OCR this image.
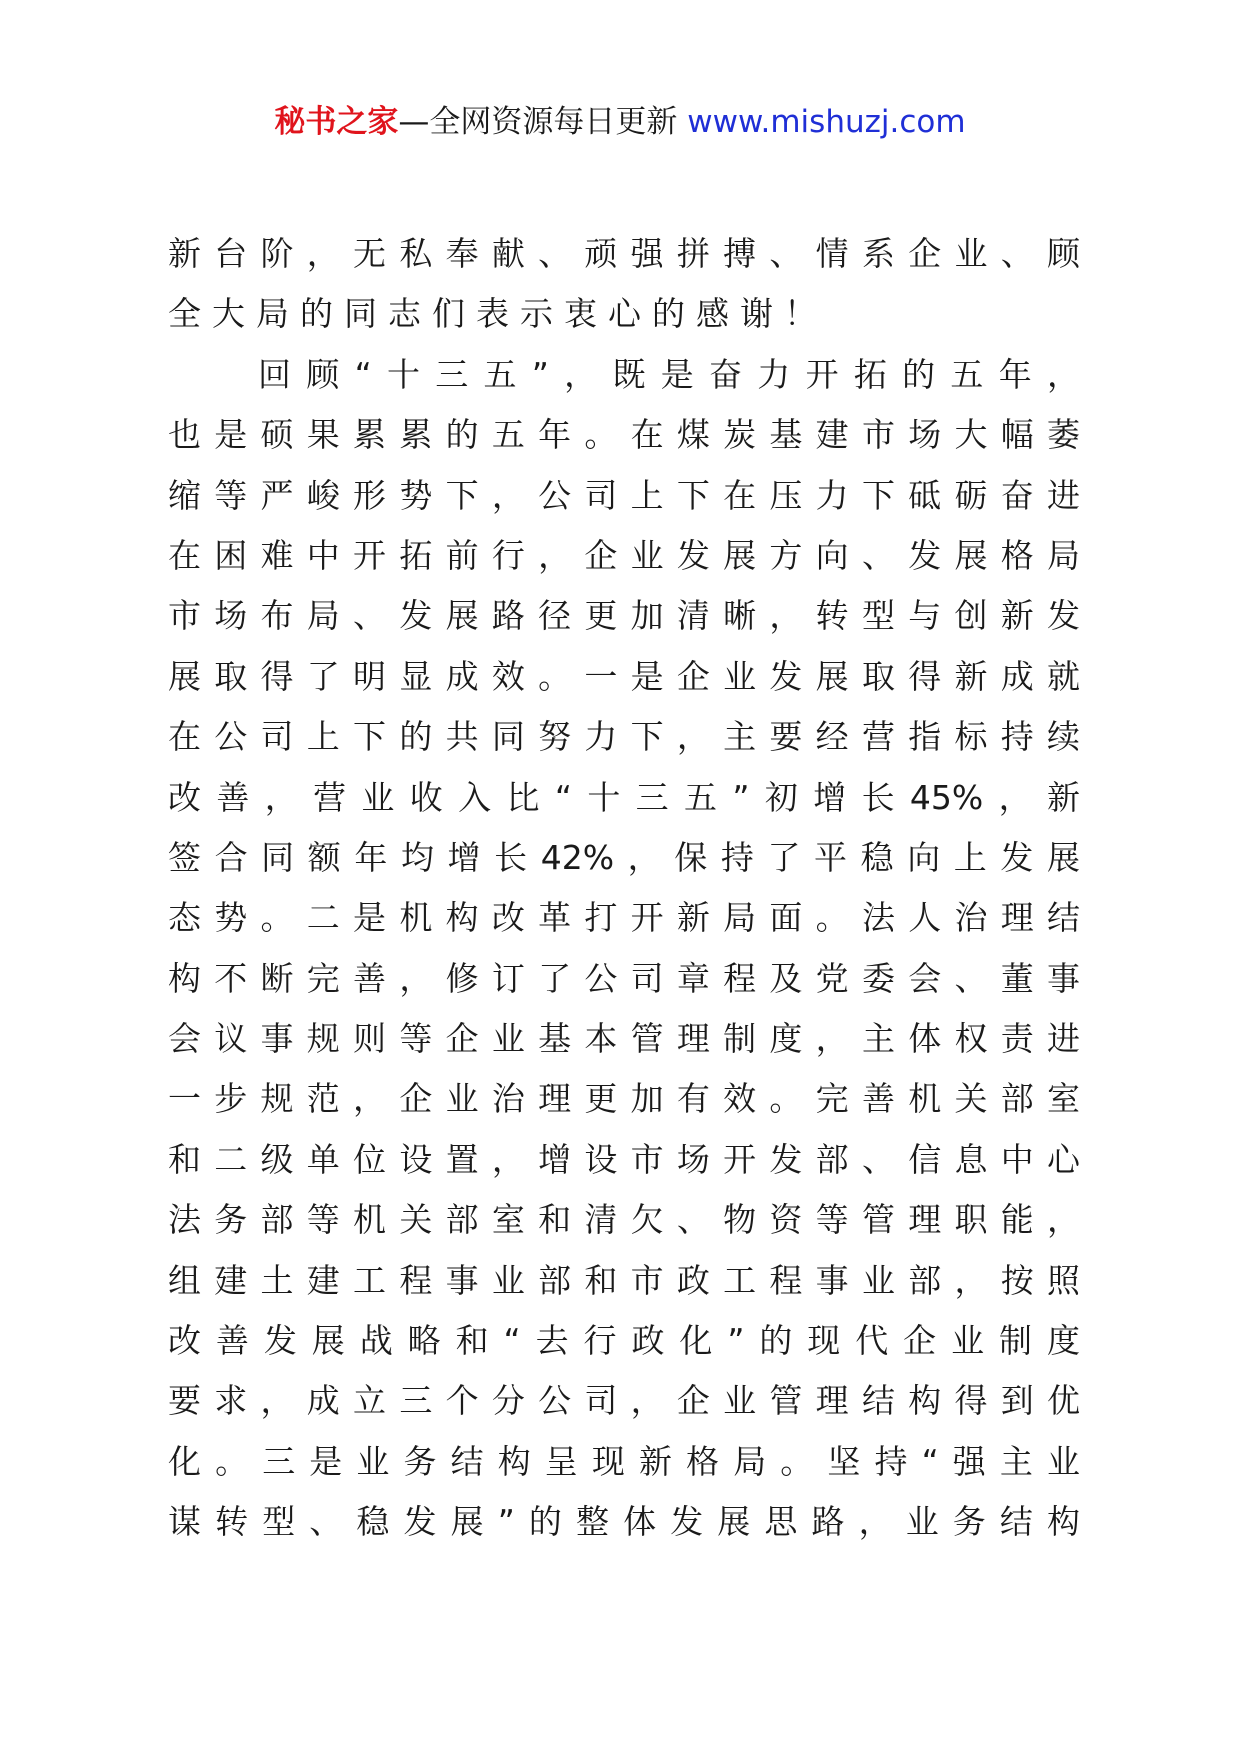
秘书之家—全网资源每日更新 www.mishuzj.com
新台阶，无私奉献、顽强拼搏、情系企业、顾
全大局的同志们表示衷心的感谢！
回顾“十三五”，既是奋力开拓的五年，
也是硕果累累的五年。在煤炭基建市场大幅萎
缩等严峻形势下，公司上下在压力下砥砺奋进
在困难中开拓前行，企业发展方向、发展格局
市场布局、发展路径更加清晰，转型与创新发
展取得了明显成效。一是企业发展取得新成就
在公司上下的共同努力下，主要经营指标持续
改善，营业收入比“十三五”初增长45%，新
签合同额年均增长42%，保持了平稳向上发展
态势。二是机构改革打开新局面。法人治理结
构不断完善，修订了公司章程及党委会、董事
会议事规则等企业基本管理制度，主体权责进
一步规范，企业治理更加有效。完善机关部室
和二级单位设置，增设市场开发部、信息中心
法务部等机关部室和清欠、物资等管理职能，
组建土建工程事业部和市政工程事业部，按照
改善发展战略和“去行政化”的现代企业制度
要求，成立三个分公司，企业管理结构得到优
化。三是业务结构呈现新格局。坚持“强主业
谋转型、稳发展”的整体发展思路，业务结构
